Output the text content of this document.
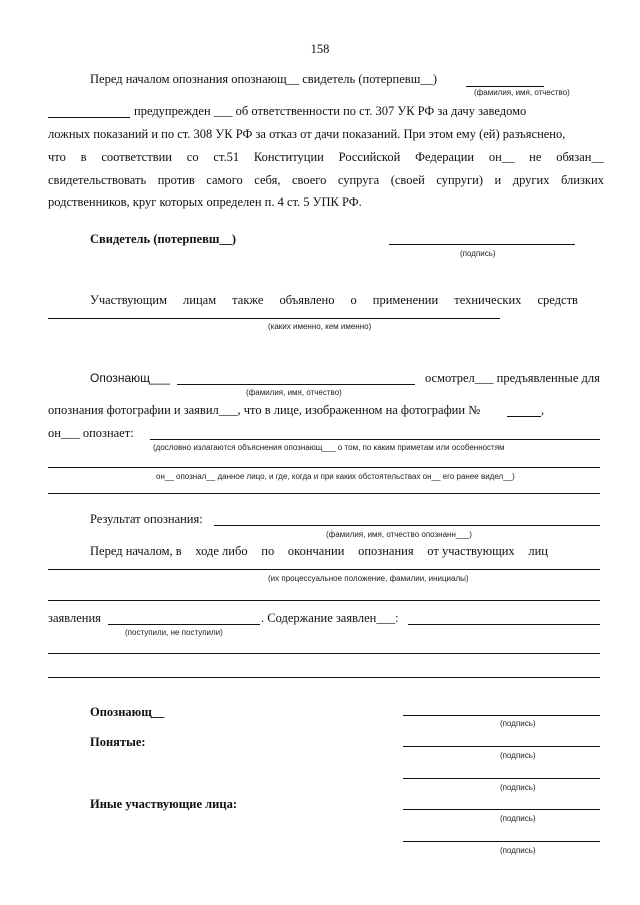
158
Перед началом опознания опознающ__ свидетель (потерпевш__)
(фамилия, имя, отчество)
предупрежден ___ об ответственности по ст. 307 УК РФ за дачу заведомо
ложных показаний и по ст. 308 УК РФ за отказ от дачи показаний. При этом ему (ей) разъяснено,
что в соответствии со ст.51 Конституции Российской Федерации он__ не обязан__
свидетельствовать против самого себя, своего супруга (своей супруги) и других близких
родственников, круг которых определен п. 4 ст. 5 УПК РФ.
Свидетель (потерпевш__)
(подпись)
Участвующим лицам также объявлено о применении технических средств
(каких именно, кем именно)
Опознающ___	осмотрел___ предъявленные для
(фамилия, имя, отчество)
опознания фотографии и заявил___, что в лице, изображенном на фотографии №	,
он___ опознает:
(дословно излагаются объяснения опознающ___ о том, по каким приметам или особенностям
он__ опознал__ данное лицо, и где, когда и при каких обстоятельствах он__ его ранее видел__)
Результат опознания:
(фамилия, имя, отчество опознанн___)
Перед началом, в ходе либо по окончании опознания от участвующих лиц
(их процессуальное положение, фамилии, инициалы)
заявления	. Содержание заявлен___:
(поступили, не поступили)
Опознающ__
(подпись)
Понятые:
(подпись)
(подпись)
Иные участвующие лица:
(подпись)
(подпись)
